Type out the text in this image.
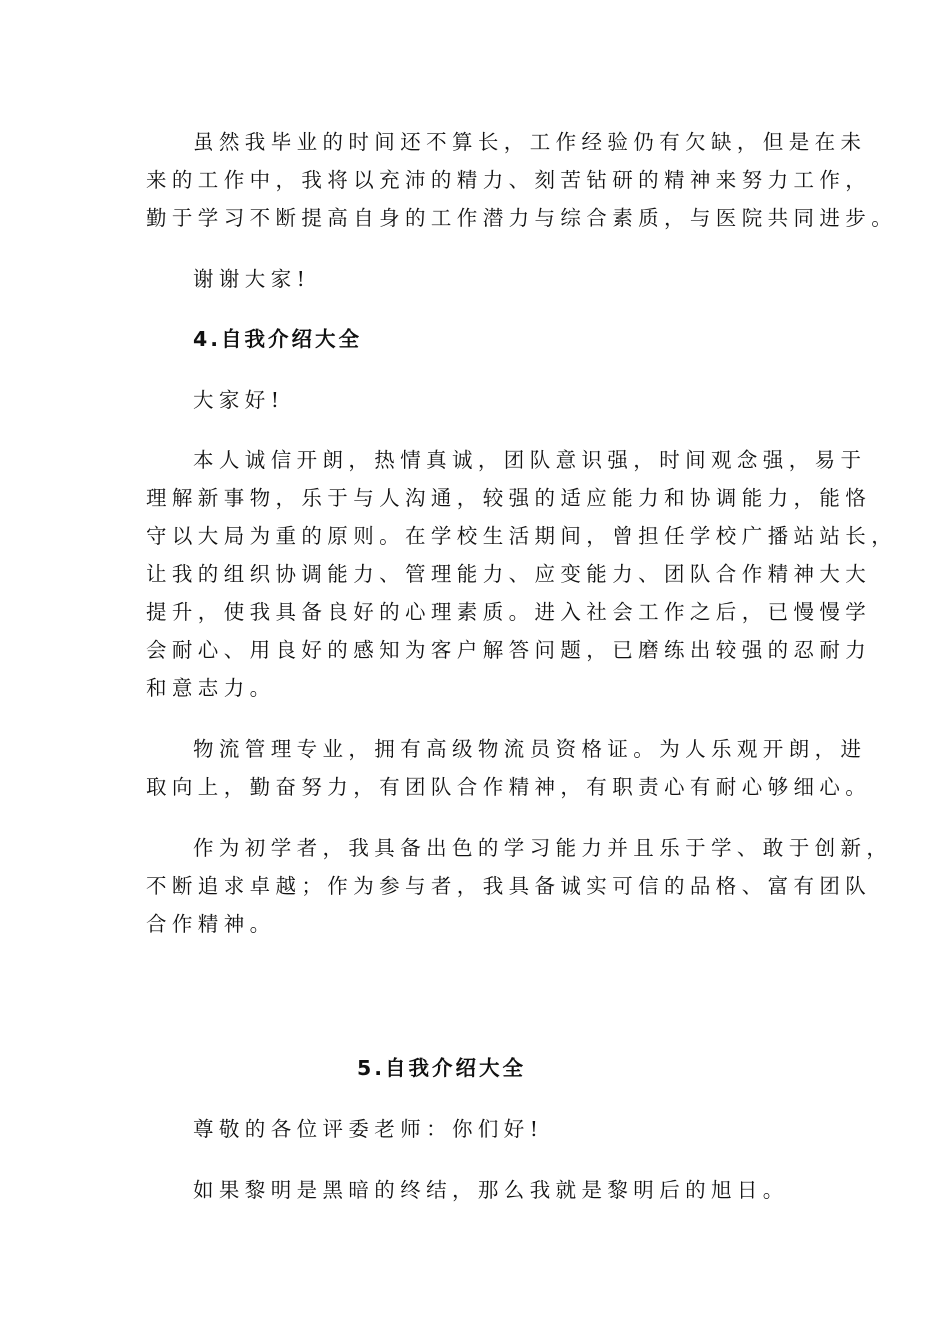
虽然我毕业的时间还不算长，工作经验仍有欠缺，但是在未
来的工作中，我将以充沛的精力、刻苦钻研的精神来努力工作，
勤于学习不断提高自身的工作潜力与综合素质，与医院共同进步。
谢谢大家!
4.自我介绍大全
大家好!
本人诚信开朗，热情真诚，团队意识强，时间观念强，易于
理解新事物，乐于与人沟通，较强的适应能力和协调能力，能恪
守以大局为重的原则。在学校生活期间，曾担任学校广播站站长，
让我的组织协调能力、管理能力、应变能力、团队合作精神大大
提升，使我具备良好的心理素质。进入社会工作之后，已慢慢学
会耐心、用良好的感知为客户解答问题，已磨练出较强的忍耐力
和意志力。
物流管理专业，拥有高级物流员资格证。为人乐观开朗，进
取向上，勤奋努力，有团队合作精神，有职责心有耐心够细心。
作为初学者，我具备出色的学习能力并且乐于学、敢于创新，
不断追求卓越；作为参与者，我具备诚实可信的品格、富有团队
合作精神。
5.自我介绍大全
尊敬的各位评委老师：你们好!
如果黎明是黑暗的终结，那么我就是黎明后的旭日。
